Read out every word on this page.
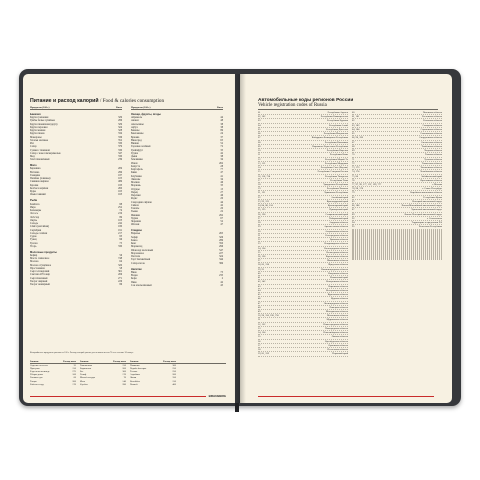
Питание и расход калорий / Food & calories consumption
Продукты (100 г)	Ккал
Бакалея
Крупа гречневая	329
Грибы белые сушёные	286
Крупа пшеничная (круп)	329
Крупа перловая	324
Крупа манная	328
Крупа пшено	334
Макароны	336
Хлопья овсяные	352
Рис	330
Сахар	379
Сушки с пшенкой	330
Сахар с кокосом/карамелью	347
Мед	330
Хлеб пшеничный	239
Мясо
Баранина	209
Ветчина	299
Говядина	187
Печёнка (говяжья)	105
Свинина жирная	489
Кролик	183
Колбаса варёная	260
Куры	165
Язык говяжий	163
Рыба
Камбала	88
Икра	252
Кальмары	74
Лосось	219
Лобстер	89
Окунь	103
Сельдь	242
Сёмга (копчёная)	180
Скумбрия	191
Сельдь солёная	217
Судак	83
Тунец	96
Треска	75
Угорь	330
Молочные продукты
Кефир	56
Масло сливочное	748
Молоко	64
Молоко сгущённое	320
Простокваша	58
Сыр голландский	361
Сметана 20% жир	206
Сыр плавленый	271
Творог жирный	226
Творог нежирный	86
Продукты (100 г)	Ккал
Овощи, фрукты, ягоды
Абрикосы	44
Ананас	48
Апельсины	38
Арбуз	38
Бананы	89
Баклажаны	24
Брюква	37
Виноград	65
Вишня	52
Горошек зелёный	72
Грейпфрут	35
Груша	42
Дыня	38
Земляника	34
Изюм	262
Капуста	28
Картофель	77
Киви	47
Клубника	41
Лимоны	34
Малина	46
Морковь	35
Огурцы	15
Перец	27
Персики	46
Редис	20
Смородина чёрная	44
Свёкла	42
Томаты	20
Тыква	22
Финики	292
Хурма	67
Черешня	52
Яблоки	47
Сладкое
Варенье	265
Зефир	326
Какао	289
Кекс	350
Мармелад	296
Шоколад молочный	547
Мороженое	227
Пастила	324
Торт бисквитный	344
Сахар-песок	399
Напитки
Вино	75
Водка	235
Кофе	2
Пиво	42
Сок апельсиновый	45
Калорийность продуктов указана на 100 г. Расход калорий указан для человека весом 70 кг в течение 30 минут.
Занятие	Расход ккал	Занятие	Расход ккал	Занятие	Расход ккал
Сидение на месте	35	Гимнастика	150	Плавание	300
Прогулка	150	Бадминтон	200	Ходьба быстрая	250
Езда на велосипеде	275	Бег	300	Теннис	250
Уборка дома	100	Гольф	170	Аэробика	200
Готовка еды	60	Мытьё посуды	70	Лыжи	350
Танцы	200	Йога	140	Волейбол	150
Работа в саду	170	Футбол	280	Хоккей	400
BRAUBERG
Автомобильные коды регионов России
Vehicle registration codes of Russia
01	Республика Адыгея
02, 102	Республика Башкортостан
03	Республика Бурятия
04	Республика Алтай
05	Республика Дагестан
06	Республика Ингушетия
07	Кабардино-Балкарская Республика
08	Республика Калмыкия
09	Карачаево-Черкесская Республика
10	Республика Карелия
11	Республика Коми
12	Республика Марий Эл
13, 113	Республика Мордовия
14	Республика Саха (Якутия)
15	Республика Северная Осетия
16, 116, 716	Республика Татарстан
17	Республика Тыва
18	Удмуртская Республика
19	Республика Хакасия
21, 121	Чувашская Республика
22	Алтайский край
23, 93, 123	Краснодарский край
24, 84, 88, 124	Красноярский край
25, 125	Приморский край
26, 126	Ставропольский край
27	Хабаровский край
28	Амурская область
29	Архангельская область
30	Астраханская область
31	Белгородская область
32	Брянская область
33	Владимирская область
34, 134	Волгоградская область
35	Вологодская область
36, 136	Воронежская область
37	Ивановская область
38, 85, 138	Иркутская область
39, 91	Калининградская область
40	Калужская область
41	Камчатский край
42, 142	Кемеровская область
43	Кировская область
44	Костромская область
45	Курганская область
46	Курская область
47	Ленинградская область
48	Липецкая область
49	Магаданская область
50, 90, 150, 190, 750	Московская область
51	Мурманская область
52, 152	Нижегородская область
53	Новгородская область
54, 154	Новосибирская область
55	Омская область
56	Оренбургская область
57	Орловская область
58	Пензенская область
59, 81, 159	Пермский край
60	Псковская область
61, 161	Ростовская область
62	Рязанская область
63, 163	Самарская область
64, 164	Саратовская область
65	Сахалинская область
66, 96, 196	Свердловская область
67	Смоленская область
68	Тамбовская область
69	Тверская область
70	Томская область
71	Тульская область
72	Тюменская область
73, 173	Ульяновская область
74, 174	Челябинская область
75, 80	Забайкальский край
76	Ярославская область
77, 97, 99, 177, 197, 199, 777	г. Москва
78, 98, 178	г. Санкт-Петербург
79	Еврейская автономная область
82	Республика Крым
83	Ненецкий автономный округ
86, 186	Ханты-Мансийский автономный округ
87	Чукотский автономный округ
89	Ямало-Ненецкий автономный округ
92	г. Севастополь
94	Территории за пределами РФ
95	Чеченская Республика
